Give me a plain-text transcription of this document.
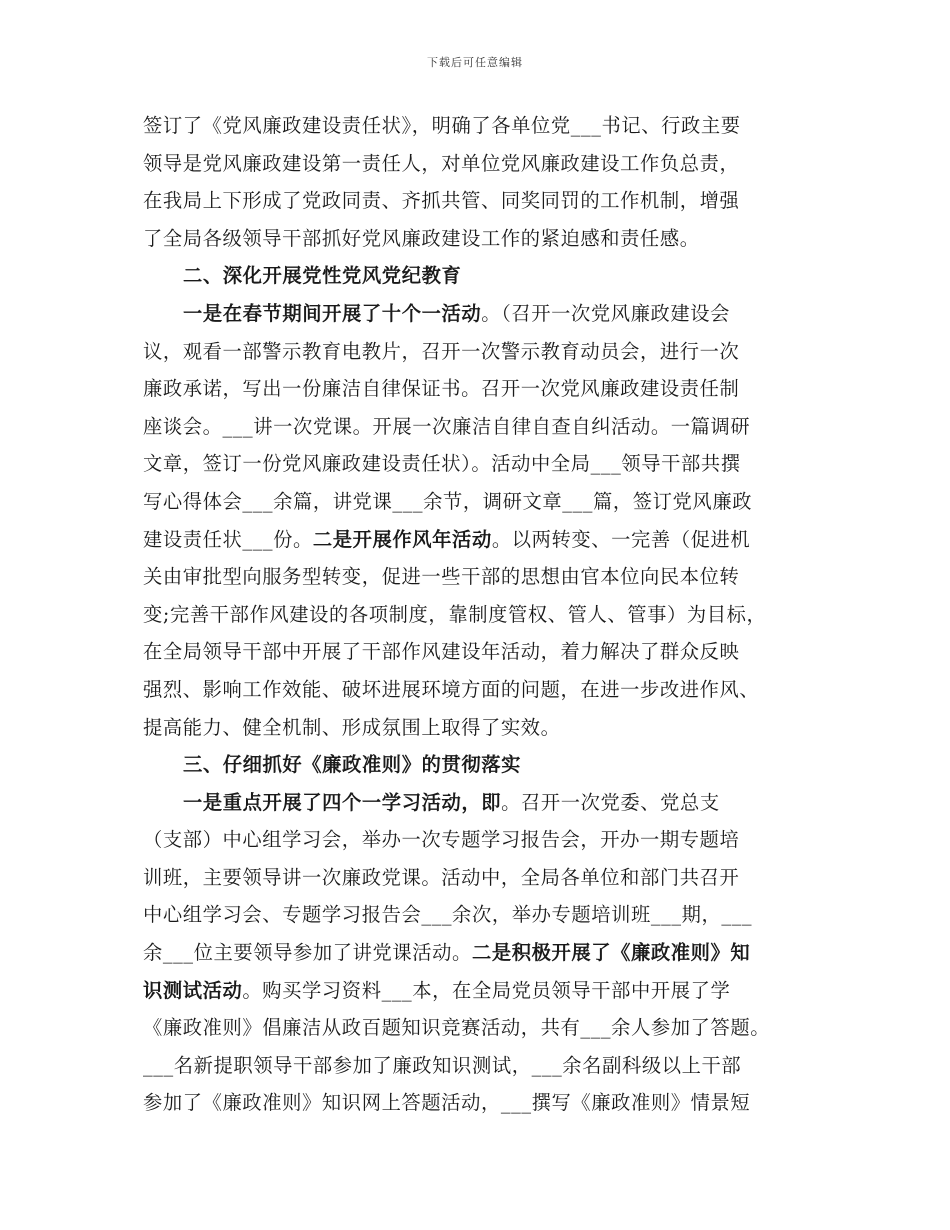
下载后可任意编辑
签订了《党风廉政建设责任状》，明确了各单位党___书记、行政主要
领导是党风廉政建设第一责任人，对单位党风廉政建设工作负总责，
在我局上下形成了党政同责、齐抓共管、同奖同罚的工作机制，增强
了全局各级领导干部抓好党风廉政建设工作的紧迫感和责任感。
二、深化开展党性党风党纪教育
一是在春节期间开展了十个一活动。（召开一次党风廉政建设会
议，观看一部警示教育电教片，召开一次警示教育动员会，进行一次
廉政承诺，写出一份廉洁自律保证书。召开一次党风廉政建设责任制
座谈会。___讲一次党课。开展一次廉洁自律自查自纠活动。一篇调研
文章，签订一份党风廉政建设责任状）。活动中全局___领导干部共撰
写心得体会___余篇，讲党课___余节，调研文章___篇，签订党风廉政
建设责任状___份。二是开展作风年活动。以两转变、一完善（促进机
关由审批型向服务型转变，促进一些干部的思想由官本位向民本位转
变;完善干部作风建设的各项制度，靠制度管权、管人、管事）为目标，
在全局领导干部中开展了干部作风建设年活动，着力解决了群众反映
强烈、影响工作效能、破坏进展环境方面的问题，在进一步改进作风、
提高能力、健全机制、形成氛围上取得了实效。
三、仔细抓好《廉政准则》的贯彻落实
一是重点开展了四个一学习活动，即。召开一次党委、党总支
（支部）中心组学习会，举办一次专题学习报告会，开办一期专题培
训班，主要领导讲一次廉政党课。活动中，全局各单位和部门共召开
中心组学习会、专题学习报告会___余次，举办专题培训班___期，___
余___位主要领导参加了讲党课活动。二是积极开展了《廉政准则》知
识测试活动。购买学习资料___本，在全局党员领导干部中开展了学
《廉政准则》倡廉洁从政百题知识竞赛活动，共有___余人参加了答题。
___名新提职领导干部参加了廉政知识测试，___余名副科级以上干部
参加了《廉政准则》知识网上答题活动，___撰写《廉政准则》情景短
